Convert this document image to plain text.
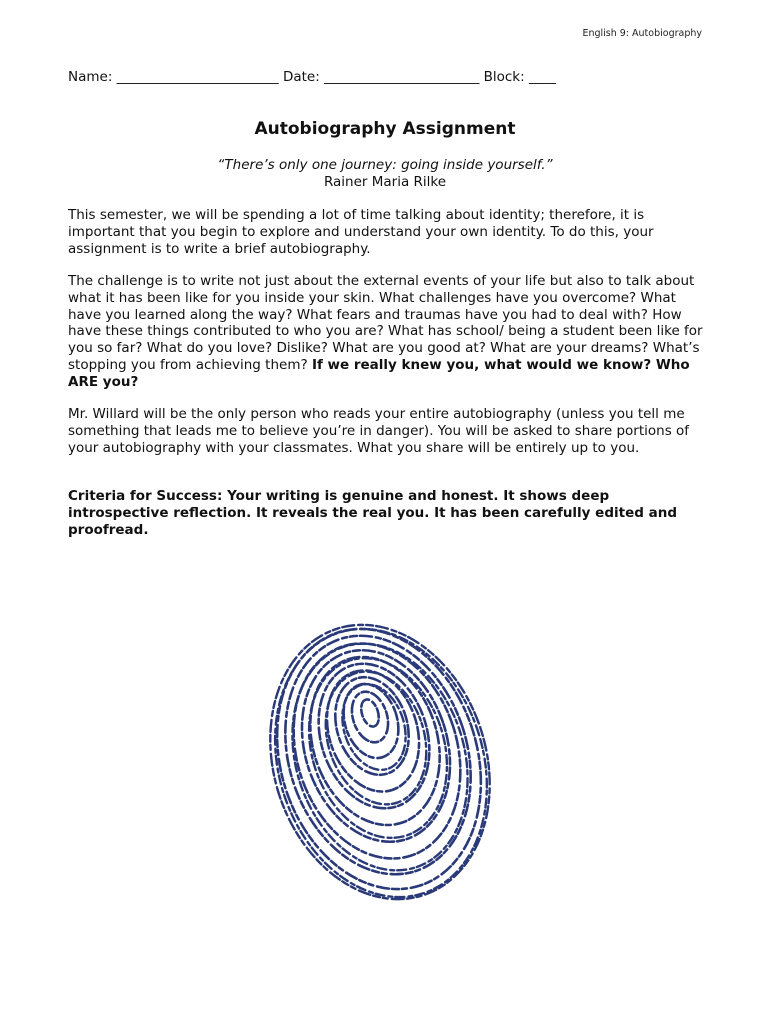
English 9: Autobiography
Name: ________________________ Date: _______________________ Block: ____
Autobiography Assignment
“There’s only one journey: going inside yourself.”
Rainer Maria Rilke
This semester, we will be spending a lot of time talking about identity; therefore, it is important that you begin to explore and understand your own identity. To do this, your assignment is to write a brief autobiography.
The challenge is to write not just about the external events of your life but also to talk about what it has been like for you inside your skin. What challenges have you overcome? What have you learned along the way? What fears and traumas have you had to deal with? How have these things contributed to who you are? What has school/ being a student been like for you so far? What do you love? Dislike? What are you good at? What are your dreams? What’s stopping you from achieving them? If we really knew you, what would we know? Who ARE you?
Mr. Willard will be the only person who reads your entire autobiography (unless you tell me something that leads me to believe you’re in danger). You will be asked to share portions of your autobiography with your classmates. What you share will be entirely up to you.
Criteria for Success: Your writing is genuine and honest. It shows deep introspective reflection. It reveals the real you. It has been carefully edited and proofread.
